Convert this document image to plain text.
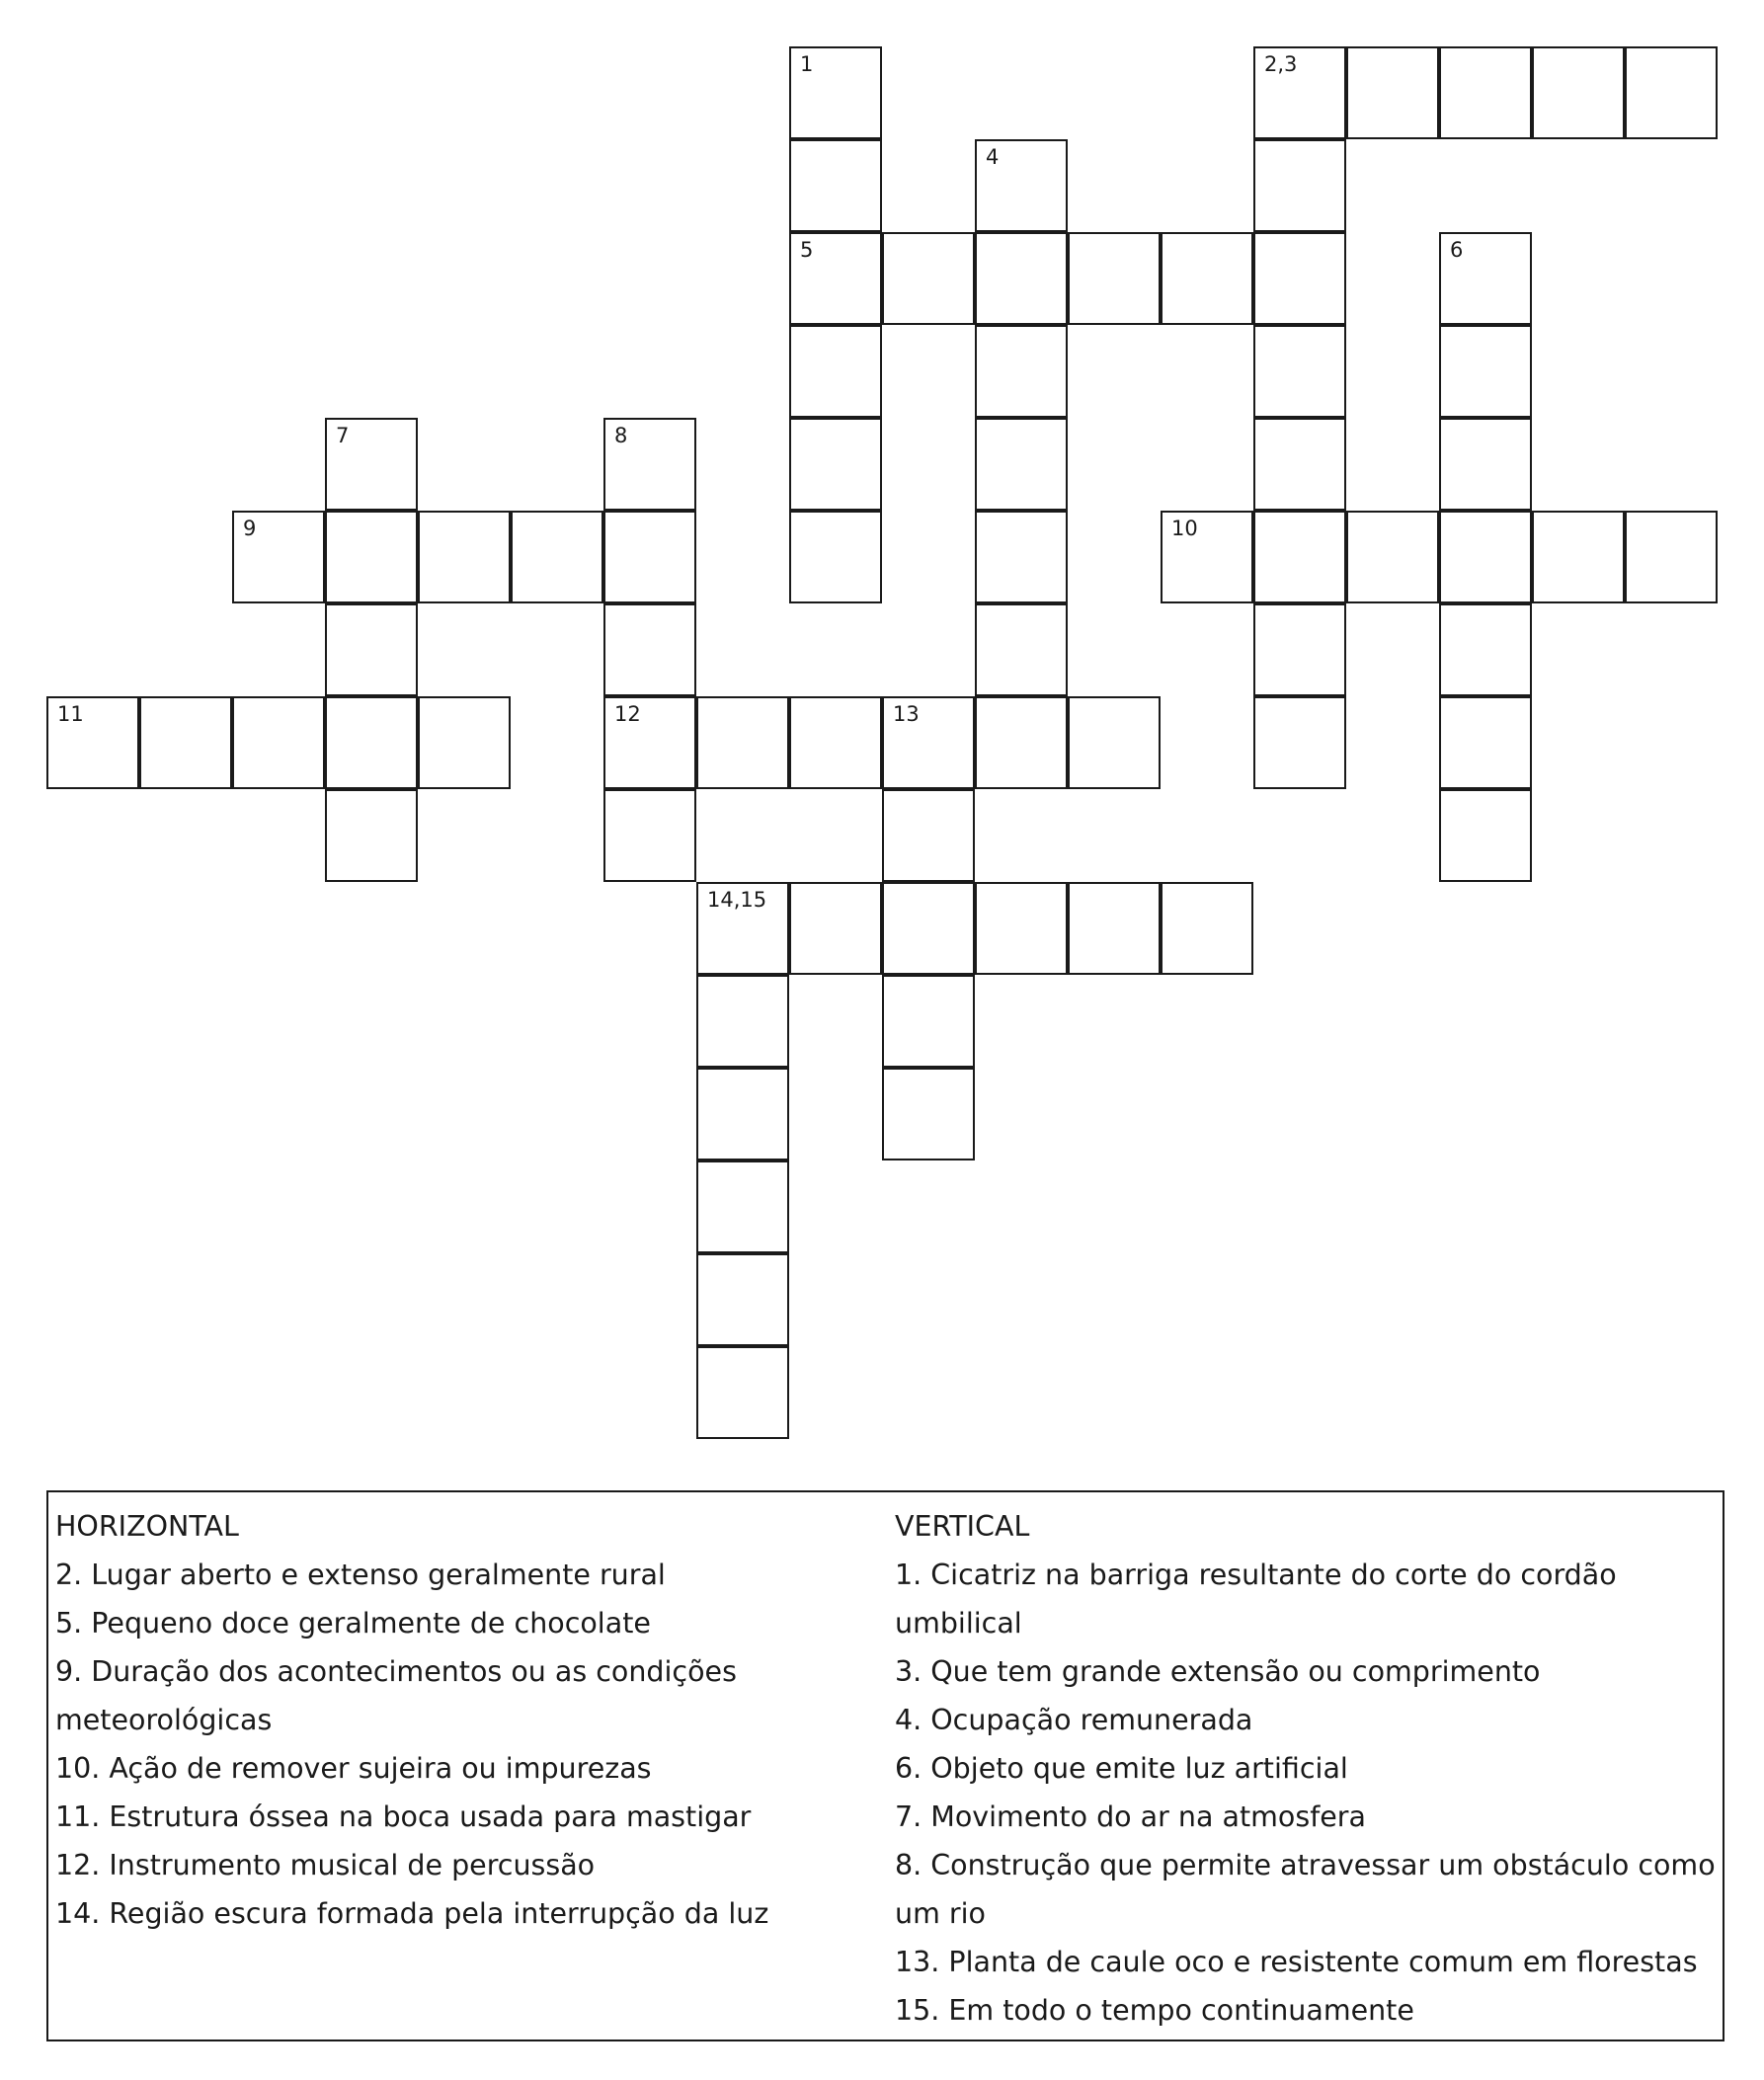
1	2,3
4
5	6
7	8
9	10
11	12	13
14,15
HORIZONTAL
2. Lugar aberto e extenso geralmente rural
5. Pequeno doce geralmente de chocolate
9. Duração dos acontecimentos ou as condições meteorológicas
10. Ação de remover sujeira ou impurezas
11. Estrutura óssea na boca usada para mastigar
12. Instrumento musical de percussão
14. Região escura formada pela interrupção da luz
VERTICAL
1. Cicatriz na barriga resultante do corte do cordão umbilical
3. Que tem grande extensão ou comprimento
4. Ocupação remunerada
6. Objeto que emite luz artificial
7. Movimento do ar na atmosfera
8. Construção que permite atravessar um obstáculo como um rio
13. Planta de caule oco e resistente comum em florestas
15. Em todo o tempo continuamente
